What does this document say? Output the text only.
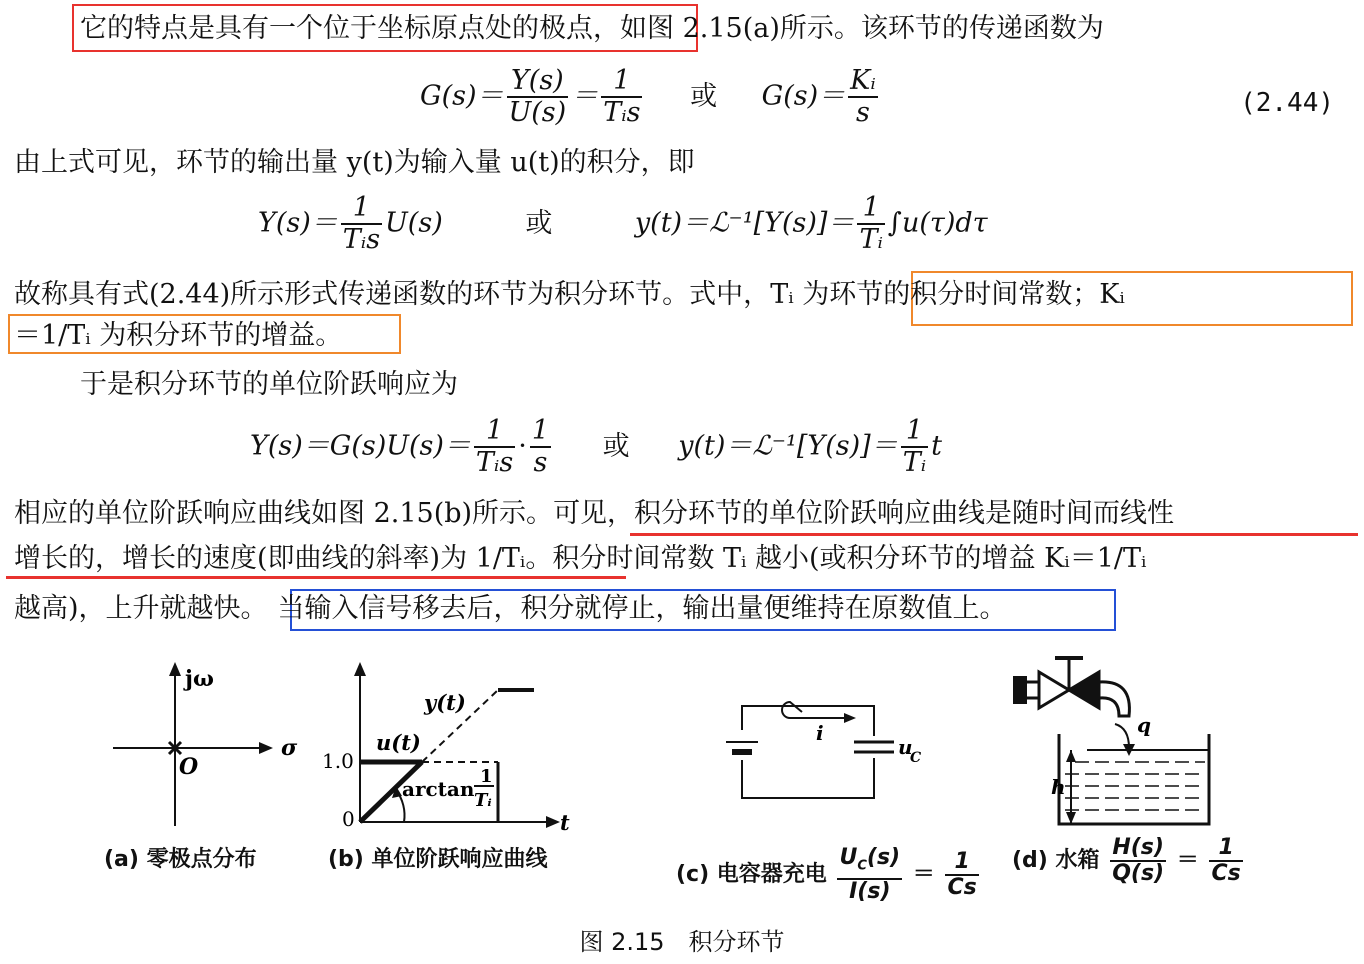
它的特点是具有一个位于坐标原点处的极点，如图 2.15(a)所示。该环节的传递函数为
$G(s)= \frac{Y(s)}{U(s)} = \frac{1}{\text{Tᵢs}}$ 或 $G(s)= \frac{\text{Kᵢ}}{s}$	(2.44)
由上式可见，环节的输出量 y(t)为输入量 u(t)的积分，即
$Y(s)= \frac{1}{\text{Tᵢs}} U(s)$	或	y(t)＝ℒ⁻¹[Y(s)]＝ $\frac{1}{\text{Tᵢ}} \int u(\tau)d\tau$
故称具有式(2.44)所示形式传递函数的环节为积分环节。式中，Tᵢ 为环节的积分时间常数；Kᵢ
＝1/Tᵢ 为积分环节的增益。
于是积分环节的单位阶跃响应为
$Y(s)=G(s)U(s)= \frac{1}{\text{Tᵢs}} \cdot \frac{1}{s}$ 或 y(t)＝ℒ⁻¹[Y(s)]＝ $\frac{1}{\text{Tᵢ}}$ t
相应的单位阶跃响应曲线如图 2.15(b)所示。可见，积分环节的单位阶跃响应曲线是随时间而线性
增长的，增长的速度(即曲线的斜率)为 1/Tᵢ。积分时间常数 Tᵢ 越小(或积分环节的增益 Kᵢ＝1/Tᵢ
越高)，上升就越快。 当输入信号移去后，积分就停止，输出量便维持在原数值上。
jω
σ
O
(a) 零极点分布
y(t)
u(t)
1.0
0	t
arctan
1
Tᵢ
(b) 单位阶跃响应曲线
i
u
C
(c) 电容器充电 $\frac{U_C(s)}{I(s)} = \frac{1}{Cs}$
q
h
(d) 水箱 $\frac{H(s)}{Q(s)} = \frac{1}{Cs}$
图 2.15　积分环节
